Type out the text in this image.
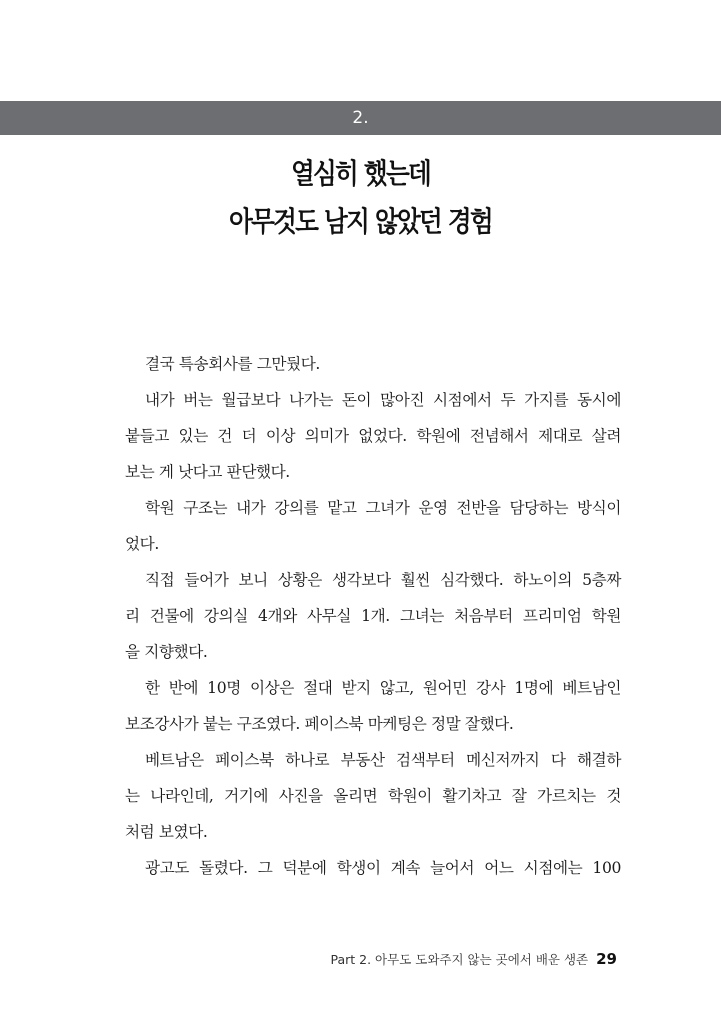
2.
열심히 했는데
아무것도 남지 않았던 경험
결국 특송회사를 그만뒀다.
내가 버는 월급보다 나가는 돈이 많아진 시점에서 두 가지를 동시에
붙들고 있는 건 더 이상 의미가 없었다. 학원에 전념해서 제대로 살려
보는 게 낫다고 판단했다.
학원 구조는 내가 강의를 맡고 그녀가 운영 전반을 담당하는 방식이
었다.
직접 들어가 보니 상황은 생각보다 훨씬 심각했다. 하노이의 5층짜
리 건물에 강의실 4개와 사무실 1개. 그녀는 처음부터 프리미엄 학원
을 지향했다.
한 반에 10명 이상은 절대 받지 않고, 원어민 강사 1명에 베트남인
보조강사가 붙는 구조였다. 페이스북 마케팅은 정말 잘했다.
베트남은 페이스북 하나로 부동산 검색부터 메신저까지 다 해결하
는 나라인데, 거기에 사진을 올리면 학원이 활기차고 잘 가르치는 것
처럼 보였다.
광고도 돌렸다. 그 덕분에 학생이 계속 늘어서 어느 시점에는 100
Part 2. 아무도 도와주지 않는 곳에서 배운 생존 29
